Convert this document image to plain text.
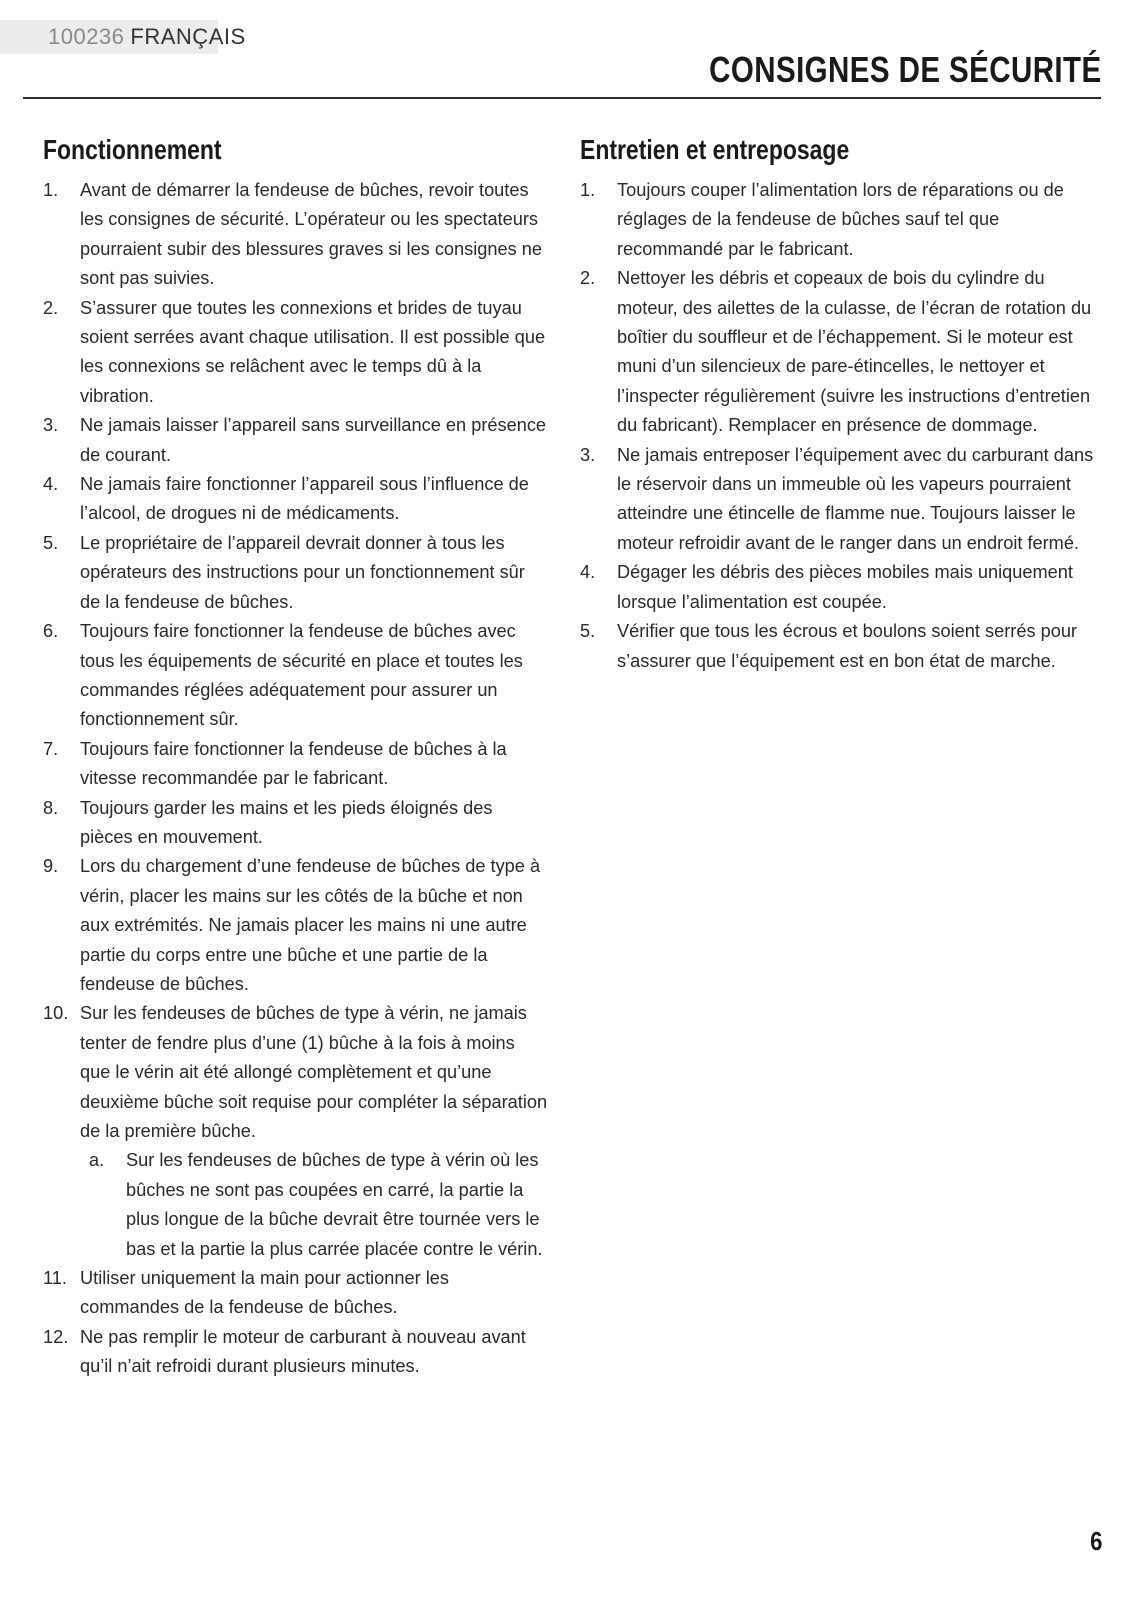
100236 FRANÇAIS
CONSIGNES DE SÉCURITÉ
Fonctionnement
1. Avant de démarrer la fendeuse de bûches, revoir toutes les consignes de sécurité. L’opérateur ou les spectateurs pourraient subir des blessures graves si les consignes ne sont pas suivies.
2. S’assurer que toutes les connexions et brides de tuyau soient serrées avant chaque utilisation. Il est possible que les connexions se relâchent avec le temps dû à la vibration.
3. Ne jamais laisser l’appareil sans surveillance en présence de courant.
4. Ne jamais faire fonctionner l’appareil sous l’influence de l’alcool, de drogues ni de médicaments.
5. Le propriétaire de l’appareil devrait donner à tous les opérateurs des instructions pour un fonctionnement sûr de la fendeuse de bûches.
6. Toujours faire fonctionner la fendeuse de bûches avec tous les équipements de sécurité en place et toutes les commandes réglées adéquatement pour assurer un fonctionnement sûr.
7. Toujours faire fonctionner la fendeuse de bûches à la vitesse recommandée par le fabricant.
8. Toujours garder les mains et les pieds éloignés des pièces en mouvement.
9. Lors du chargement d’une fendeuse de bûches de type à vérin, placer les mains sur les côtés de la bûche et non aux extrémités. Ne jamais placer les mains ni une autre partie du corps entre une bûche et une partie de la fendeuse de bûches.
10. Sur les fendeuses de bûches de type à vérin, ne jamais tenter de fendre plus d’une (1) bûche à la fois à moins que le vérin ait été allongé complètement et qu’une deuxième bûche soit requise pour compléter la séparation de la première bûche.
a. Sur les fendeuses de bûches de type à vérin où les bûches ne sont pas coupées en carré, la partie la plus longue de la bûche devrait être tournée vers le bas et la partie la plus carrée placée contre le vérin.
11. Utiliser uniquement la main pour actionner les commandes de la fendeuse de bûches.
12. Ne pas remplir le moteur de carburant à nouveau avant qu’il n’ait refroidi durant plusieurs minutes.
Entretien et entreposage
1. Toujours couper l’alimentation lors de réparations ou de réglages de la fendeuse de bûches sauf tel que recommandé par le fabricant.
2. Nettoyer les débris et copeaux de bois du cylindre du moteur, des ailettes de la culasse, de l’écran de rotation du boîtier du souffleur et de l’échappement. Si le moteur est muni d’un silencieux de pare-étincelles, le nettoyer et l’inspecter régulièrement (suivre les instructions d’entretien du fabricant). Remplacer en présence de dommage.
3. Ne jamais entreposer l’équipement avec du carburant dans le réservoir dans un immeuble où les vapeurs pourraient atteindre une étincelle de flamme nue. Toujours laisser le moteur refroidir avant de le ranger dans un endroit fermé.
4. Dégager les débris des pièces mobiles mais uniquement lorsque l’alimentation est coupée.
5. Vérifier que tous les écrous et boulons soient serrés pour s’assurer que l’équipement est en bon état de marche.
6
